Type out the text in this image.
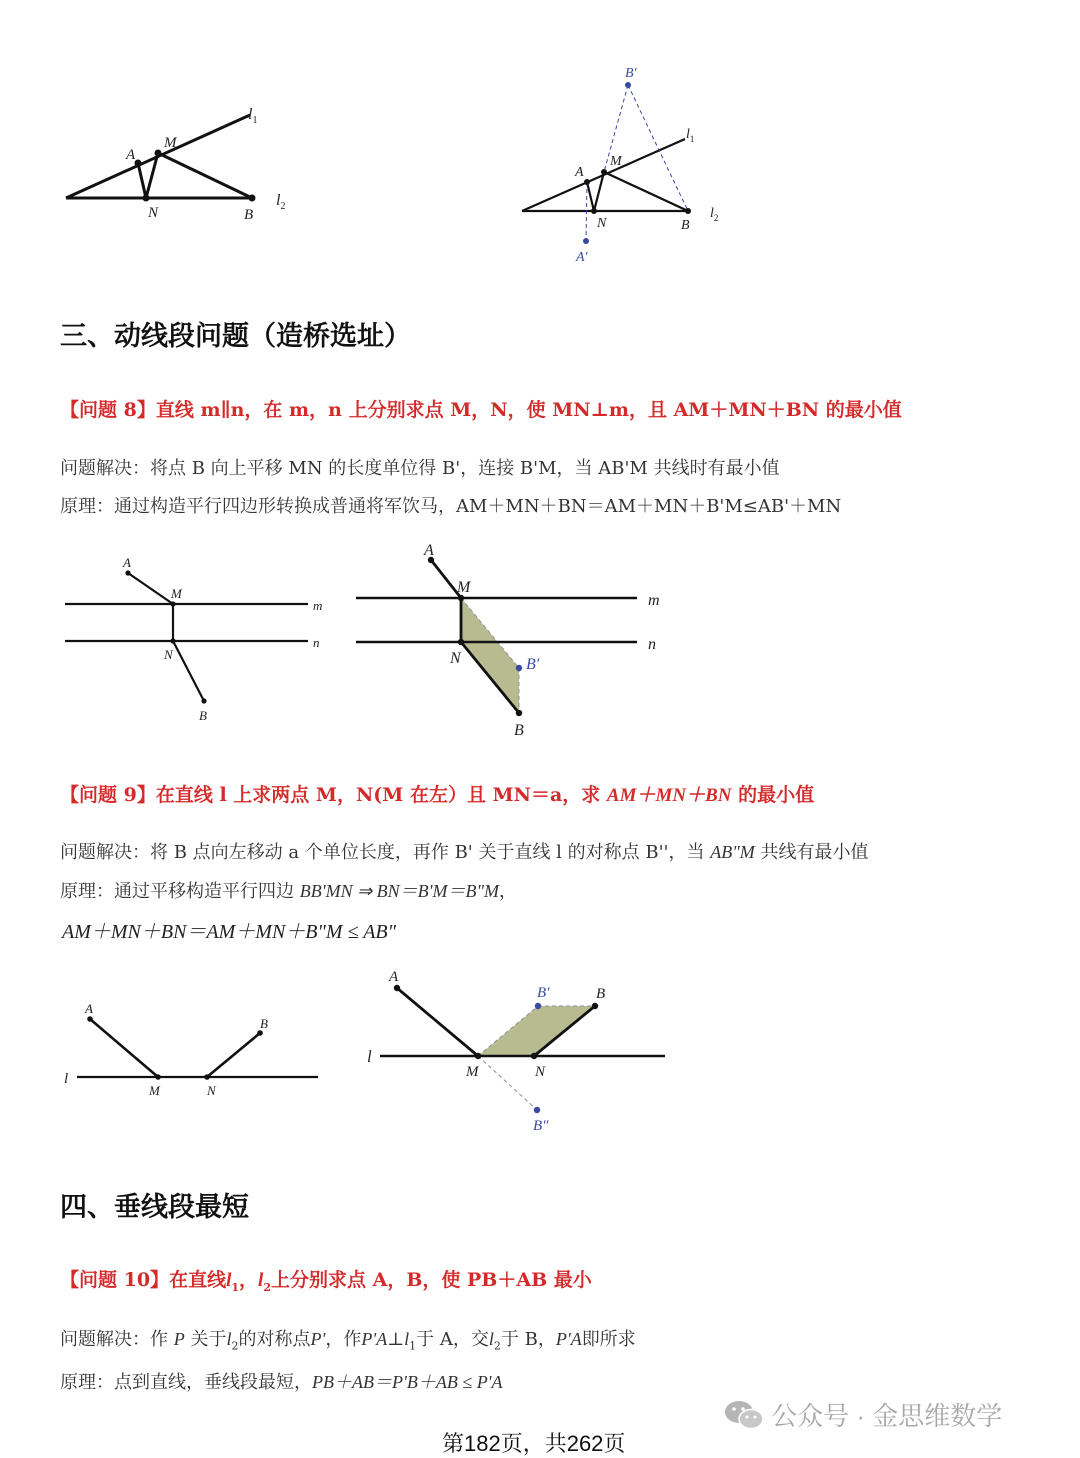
A
M
N	B
$l_1$
$l_2$
A
M
N	B
B′
A′
$l_1$
$l_2$
三、动线段问题（造桥选址）
【问题 8】直线 m∥n，在 m，n 上分别求点 M，N，使 MN⊥m，且 AM＋MN＋BN 的最小值
问题解决：将点 B 向上平移 MN 的长度单位得 B'，连接 B'M，当 AB'M 共线时有最小值
原理：通过构造平行四边形转换成普通将军饮马，AM＋MN＋BN＝AM＋MN＋B'M≤AB'＋MN
A
M
N
B
m
n
A
M
N
B
B′
m
n
【问题 9】在直线 l 上求两点 M，N(M 在左）且 MN＝a，求 AM＋MN＋BN 的最小值
问题解决：将 B 点向左移动 a 个单位长度，再作 B' 关于直线 l 的对称点 B''，当 AB"M 共线有最小值
原理：通过平移构造平行四边 BB'MN ⇒ BN＝B'M＝B"M，
AM＋MN＋BN＝AM＋MN＋B"M ≤ AB"
A
B
M	N
l
A
B
B′
M	N
B″
l
四、垂线段最短
【问题 10】在直线$l_1$，$l_2$上分别求点 A，B，使 PB＋AB 最小
问题解决：作 P 关于$l_2$的对称点P'，作$P'A\perp l_1$于 A，交$l_2$于 B，P'A即所求
原理：点到直线，垂线段最短，PB＋AB＝P'B＋AB ≤ P'A
公众号 · 金思维数学
第182页，共262页
